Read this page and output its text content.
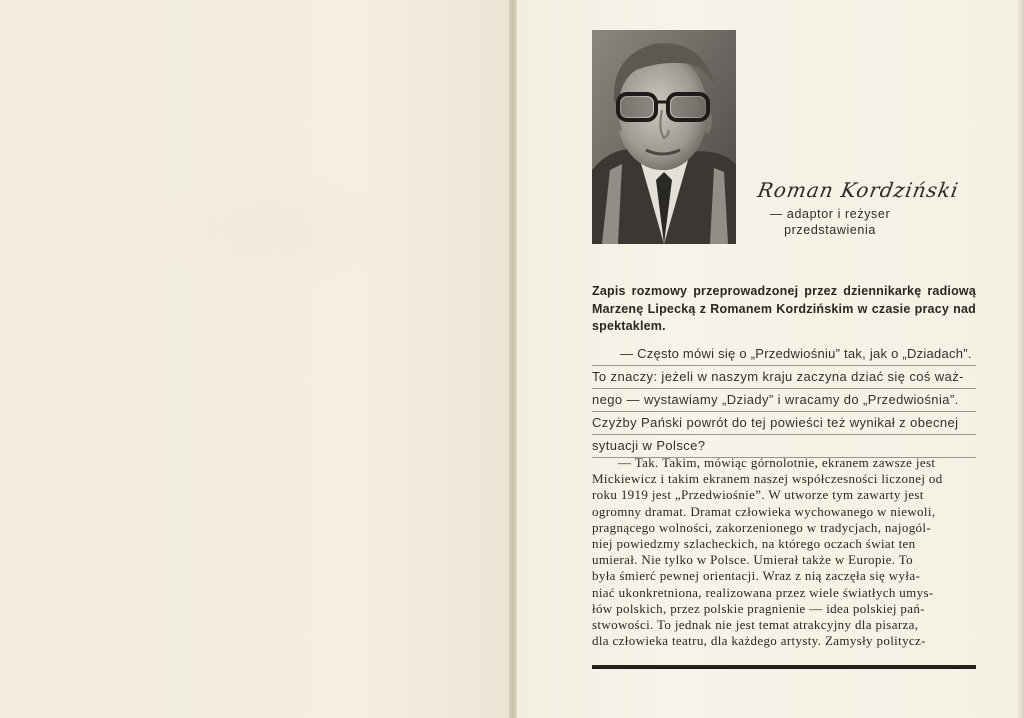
Roman Kordziński
— adaptor i reżyser
przedstawienia
Zapis rozmowy przeprowadzonej przez dziennikarkę radiową Marzenę Lipecką z Romanem Kordzińskim w czasie pracy nad spektaklem.
— Często mówi się o „Przedwiośniu” tak, jak o „Dziadach”.
To znaczy: jeżeli w naszym kraju zaczyna dziać się coś waż-
nego — wystawiamy „Dziady” i wracamy do „Przedwiośnia”.
Czyżby Pański powrót do tej powieści też wynikał z obecnej
sytuacji w Polsce?
— Tak. Takim, mówiąc górnolotnie, ekranem zawsze jest
Mickiewicz i takim ekranem naszej współczesności liczonej od
roku 1919 jest „Przedwiośnie”. W utworze tym zawarty jest
ogromny dramat. Dramat człowieka wychowanego w niewoli,
pragnącego wolności, zakorzenionego w tradycjach, najogól-
niej powiedzmy szlacheckich, na którego oczach świat ten
umierał. Nie tylko w Polsce. Umierał także w Europie. To
była śmierć pewnej orientacji. Wraz z nią zaczęła się wyła-
niać ukonkretniona, realizowana przez wiele światłych umys-
łów polskich, przez polskie pragnienie — idea polskiej pań-
stwowości. To jednak nie jest temat atrakcyjny dla pisarza,
dla człowieka teatru, dla każdego artysty. Zamysły politycz-
